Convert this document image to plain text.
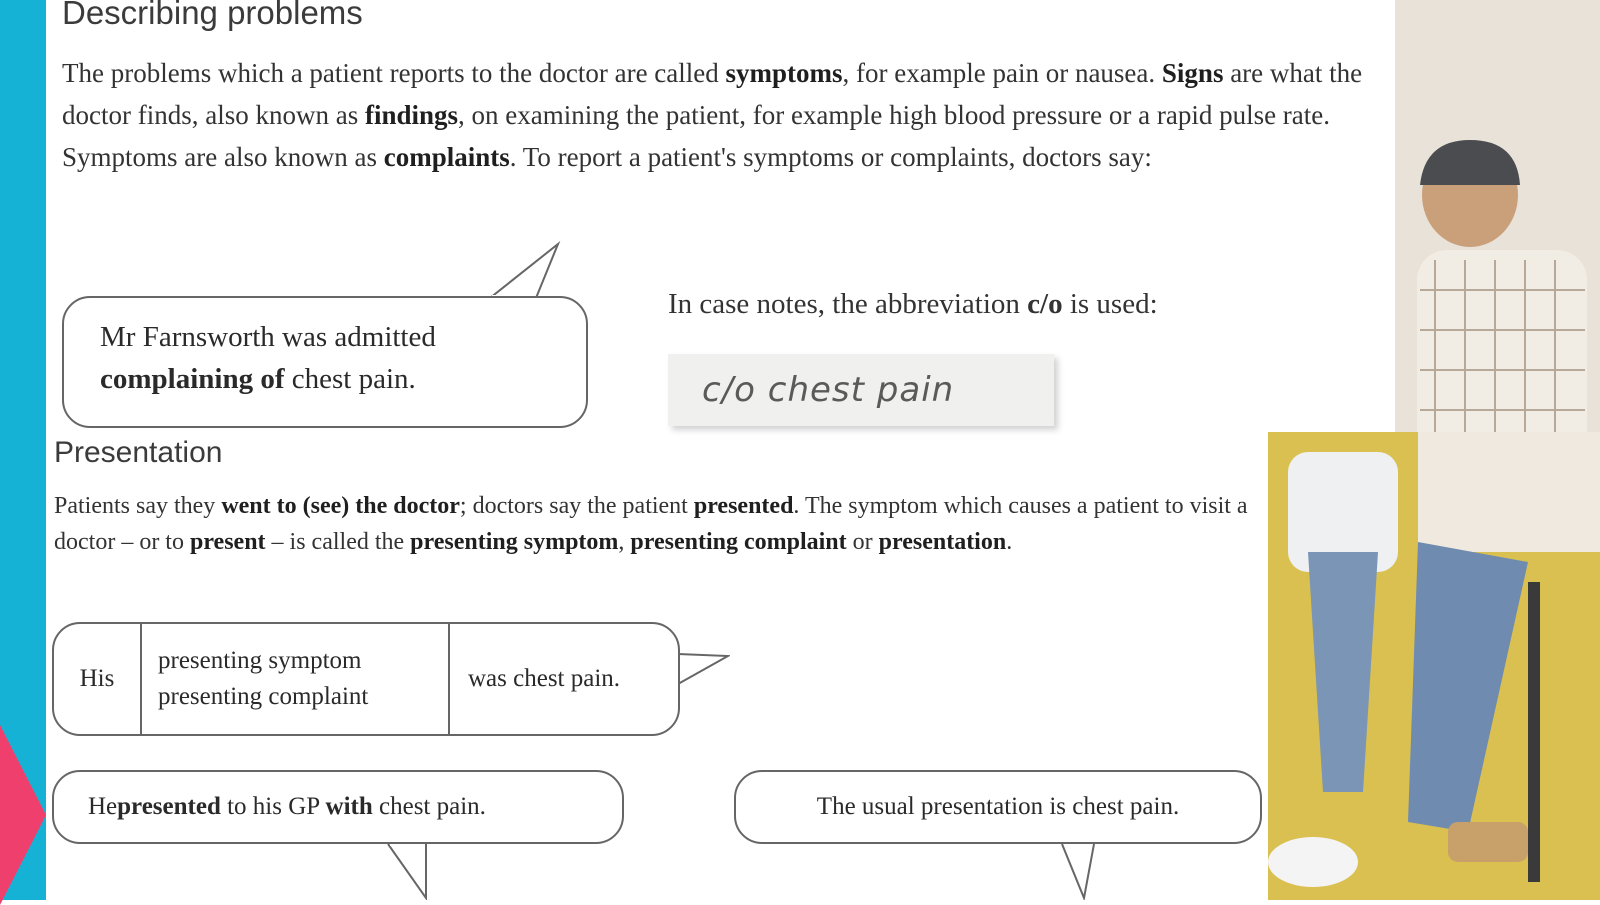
Describing problems

The problems which a patient reports to the doctor are called symptoms, for example pain or nausea. Signs are what the doctor finds, also known as findings, on examining the patient, for example high blood pressure or a rapid pulse rate. Symptoms are also known as complaints. To report a patient's symptoms or complaints, doctors say:

Mr Farnsworth was admitted
complaining of chest pain.
In case notes, the abbreviation c/o is used:
c/o chest pain
Presentation

Patients say they went to (see) the doctor; doctors say the patient presented. The symptom which causes a patient to visit a doctor – or to present – is called the presenting symptom, presenting complaint or presentation.

His
presenting symptom
presenting complaint
was chest pain.
He presented to his GP with chest pain.	The usual presentation is chest pain.
